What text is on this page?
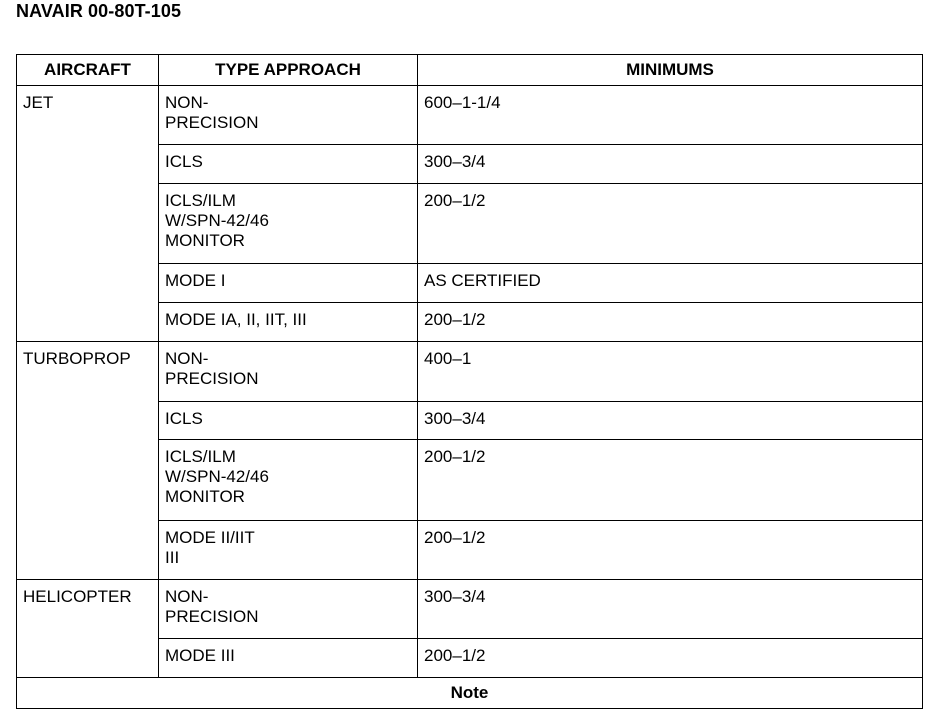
NAVAIR 00-80T-105
AIRCRAFT	TYPE APPROACH	MINIMUMS

JET	NON-
PRECISION	600–1-1/4

	ICLS	300–3/4

	ICLS/ILM
W/SPN-42/46
MONITOR	200–1/2

	MODE I	AS CERTIFIED

	MODE IA, II, IIT, III	200–1/2

TURBOPROP	NON-
PRECISION	400–1

	ICLS	300–3/4

	ICLS/ILM
W/SPN-42/46
MONITOR	200–1/2

	MODE II/IIT
III	200–1/2

HELICOPTER	NON-
PRECISION	300–3/4

	MODE III	200–1/2

Note		
